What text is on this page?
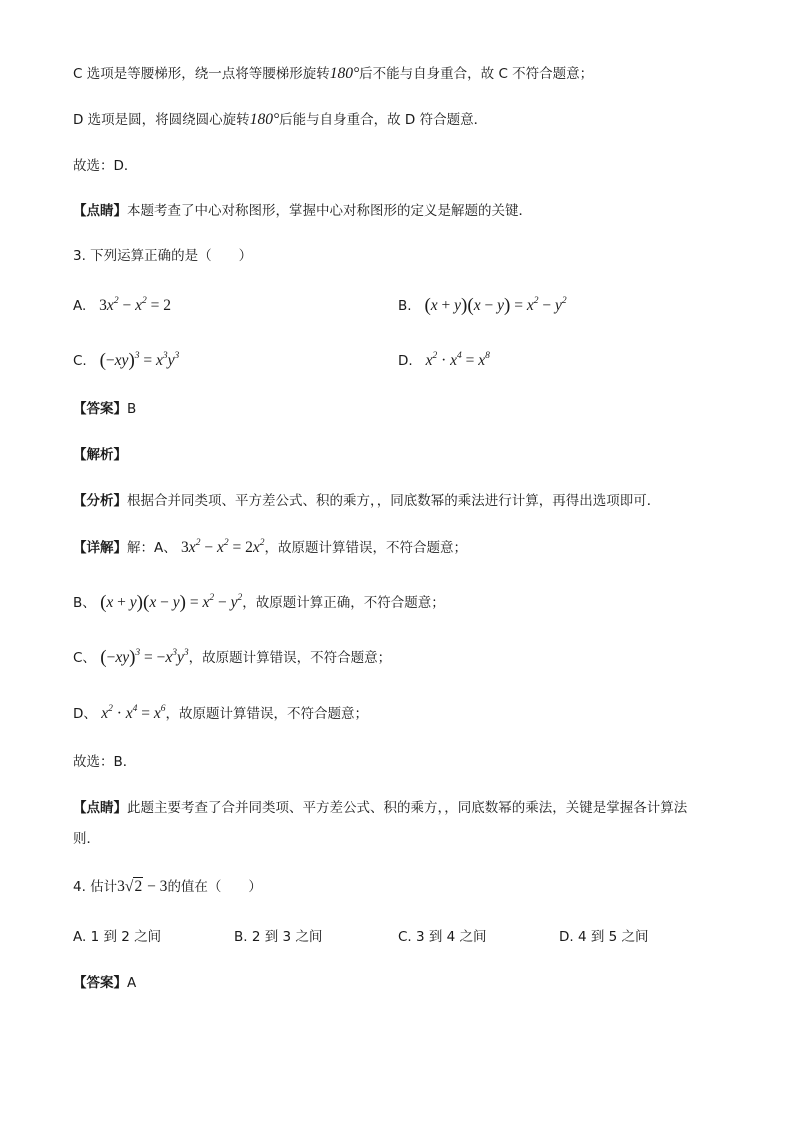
C 选项是等腰梯形，绕一点将等腰梯形旋转180°后不能与自身重合，故 C 不符合题意；
D 选项是圆，将圆绕圆心旋转180°后能与自身重合，故 D 符合题意．
故选：D．
【点睛】本题考查了中心对称图形，掌握中心对称图形的定义是解题的关键．
3. 下列运算正确的是（　　）
A. $3x^2 - x^2 = 2$	B. $(x + y)(x - y) = x^2 - y^2$
C. $(-xy)^3 = x^3y^3$	D. $x^2 \cdot x^4 = x^8$
【答案】B
【解析】
【分析】根据合并同类项、平方差公式、积的乘方，，同底数幂的乘法进行计算，再得出选项即可．
【详解】解：A、 $3x^2 - x^2 = 2x^2$，故原题计算错误，不符合题意；
B、 $(x + y)(x - y) = x^2 - y^2$，故原题计算正确，不符合题意；
C、 $(-xy)^3 = -x^3y^3$，故原题计算错误，不符合题意；
D、 $x^2 \cdot x^4 = x^6$，故原题计算错误，不符合题意；
故选：B．
【点睛】此题主要考查了合并同类项、平方差公式、积的乘方，，同底数幂的乘法，关键是掌握各计算法
则．
4. 估计3√2 − 3的值在（　　）
A. 1 到 2 之间	B. 2 到 3 之间	C. 3 到 4 之间	D. 4 到 5 之间
【答案】A
